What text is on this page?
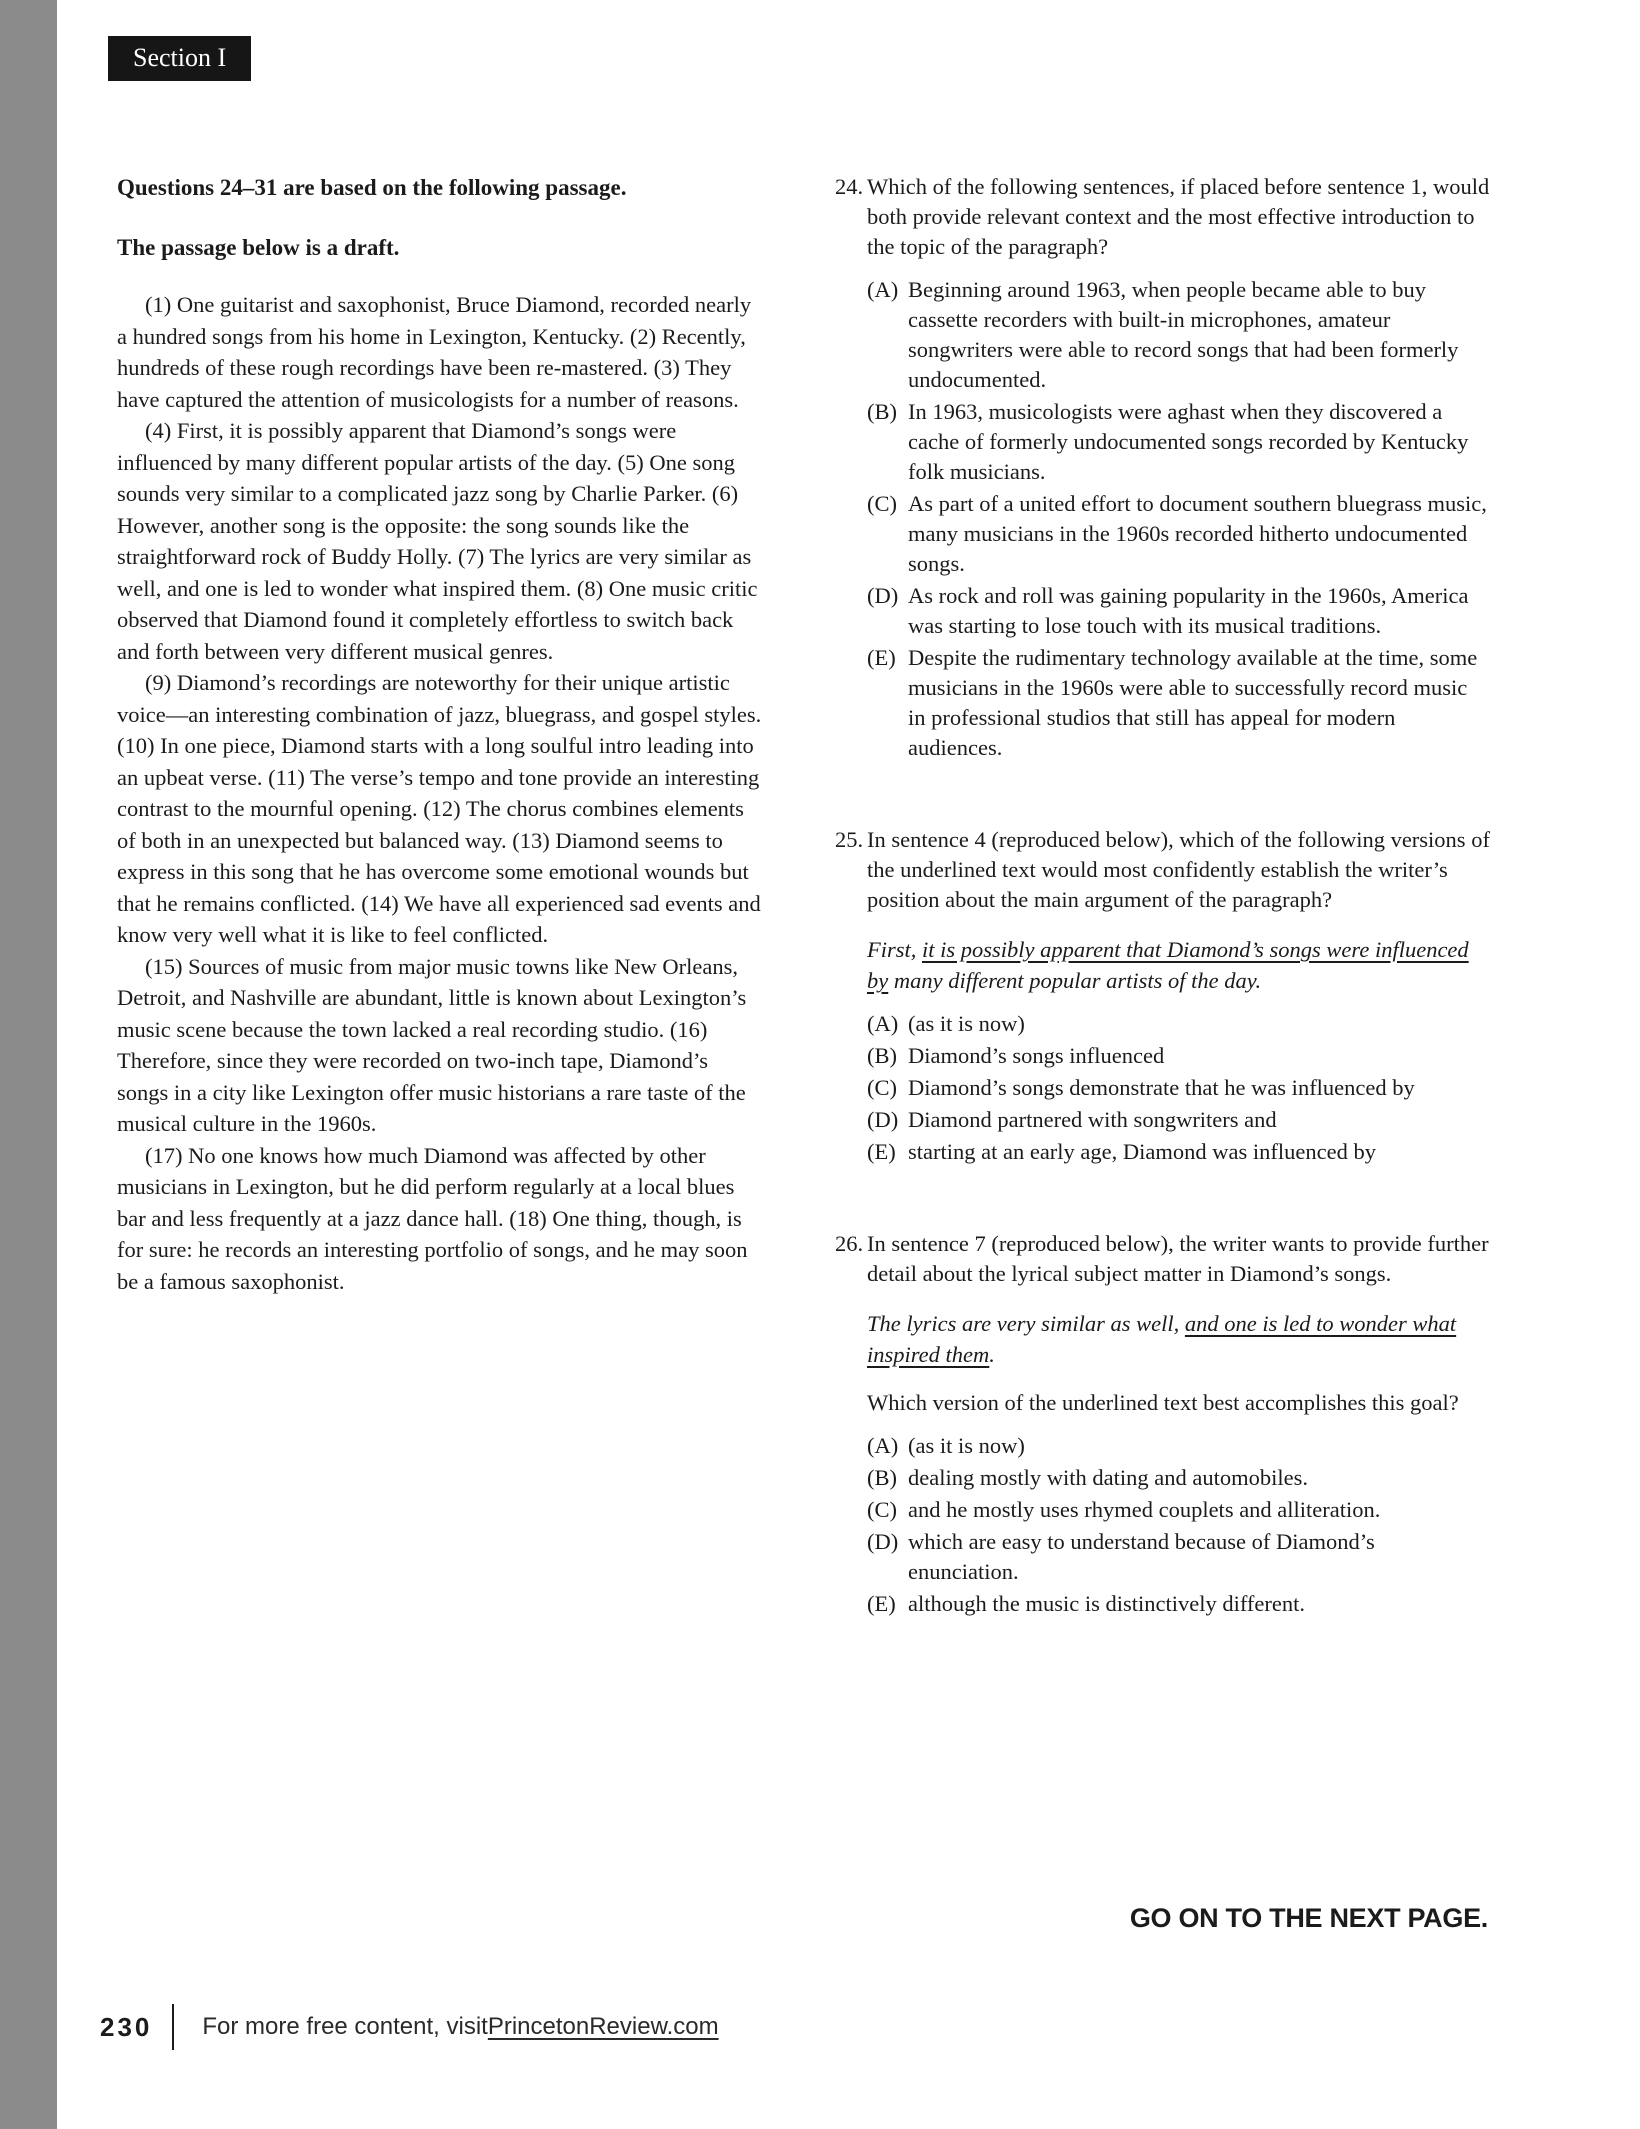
Section I

Questions 24–31 are based on the following passage.

The passage below is a draft.

(1) One guitarist and saxophonist, Bruce Diamond, recorded nearly a hundred songs from his home in Lexington, Kentucky. (2) Recently, hundreds of these rough recordings have been re-mastered. (3) They have captured the attention of musicologists for a number of reasons.

(4) First, it is possibly apparent that Diamond’s songs were influenced by many different popular artists of the day. (5) One song sounds very similar to a complicated jazz song by Charlie Parker. (6) However, another song is the opposite: the song sounds like the straightforward rock of Buddy Holly. (7) The lyrics are very similar as well, and one is led to wonder what inspired them. (8) One music critic observed that Diamond found it completely effortless to switch back and forth between very different musical genres.

(9) Diamond’s recordings are noteworthy for their unique artistic voice—an interesting combination of jazz, bluegrass, and gospel styles. (10) In one piece, Diamond starts with a long soulful intro leading into an upbeat verse. (11) The verse’s tempo and tone provide an interesting contrast to the mournful opening. (12) The chorus combines elements of both in an unexpected but balanced way. (13) Diamond seems to express in this song that he has overcome some emotional wounds but that he remains conflicted. (14) We have all experienced sad events and know very well what it is like to feel conflicted.

(15) Sources of music from major music towns like New Orleans, Detroit, and Nashville are abundant, little is known about Lexington’s music scene because the town lacked a real recording studio. (16) Therefore, since they were recorded on two-inch tape, Diamond’s songs in a city like Lexington offer music historians a rare taste of the musical culture in the 1960s.

(17) No one knows how much Diamond was affected by other musicians in Lexington, but he did perform regularly at a local blues bar and less frequently at a jazz dance hall. (18) One thing, though, is for sure: he records an interesting portfolio of songs, and he may soon be a famous saxophonist.

24. Which of the following sentences, if placed before sentence 1, would both provide relevant context and the most effective introduction to the topic of the paragraph?

(A) Beginning around 1963, when people became able to buy cassette recorders with built-in microphones, amateur songwriters were able to record songs that had been formerly undocumented.
(B) In 1963, musicologists were aghast when they discovered a cache of formerly undocumented songs recorded by Kentucky folk musicians.
(C) As part of a united effort to document southern bluegrass music, many musicians in the 1960s recorded hitherto undocumented songs.
(D) As rock and roll was gaining popularity in the 1960s, America was starting to lose touch with its musical traditions.
(E) Despite the rudimentary technology available at the time, some musicians in the 1960s were able to successfully record music in professional studios that still has appeal for modern audiences.
25. In sentence 4 (reproduced below), which of the following versions of the underlined text would most confidently establish the writer’s position about the main argument of the paragraph?

First, it is possibly apparent that Diamond’s songs were influenced by many different popular artists of the day.

(A) (as it is now)
(B) Diamond’s songs influenced
(C) Diamond’s songs demonstrate that he was influenced by
(D) Diamond partnered with songwriters and
(E) starting at an early age, Diamond was influenced by
26. In sentence 7 (reproduced below), the writer wants to provide further detail about the lyrical subject matter in Diamond’s songs.

The lyrics are very similar as well, and one is led to wonder what inspired them.

Which version of the underlined text best accomplishes this goal?

(A) (as it is now)
(B) dealing mostly with dating and automobiles.
(C) and he mostly uses rhymed couplets and alliteration.
(D) which are easy to understand because of Diamond’s enunciation.
(E) although the music is distinctively different.
GO ON TO THE NEXT PAGE.
230 For more free content, visit PrincetonReview.com
